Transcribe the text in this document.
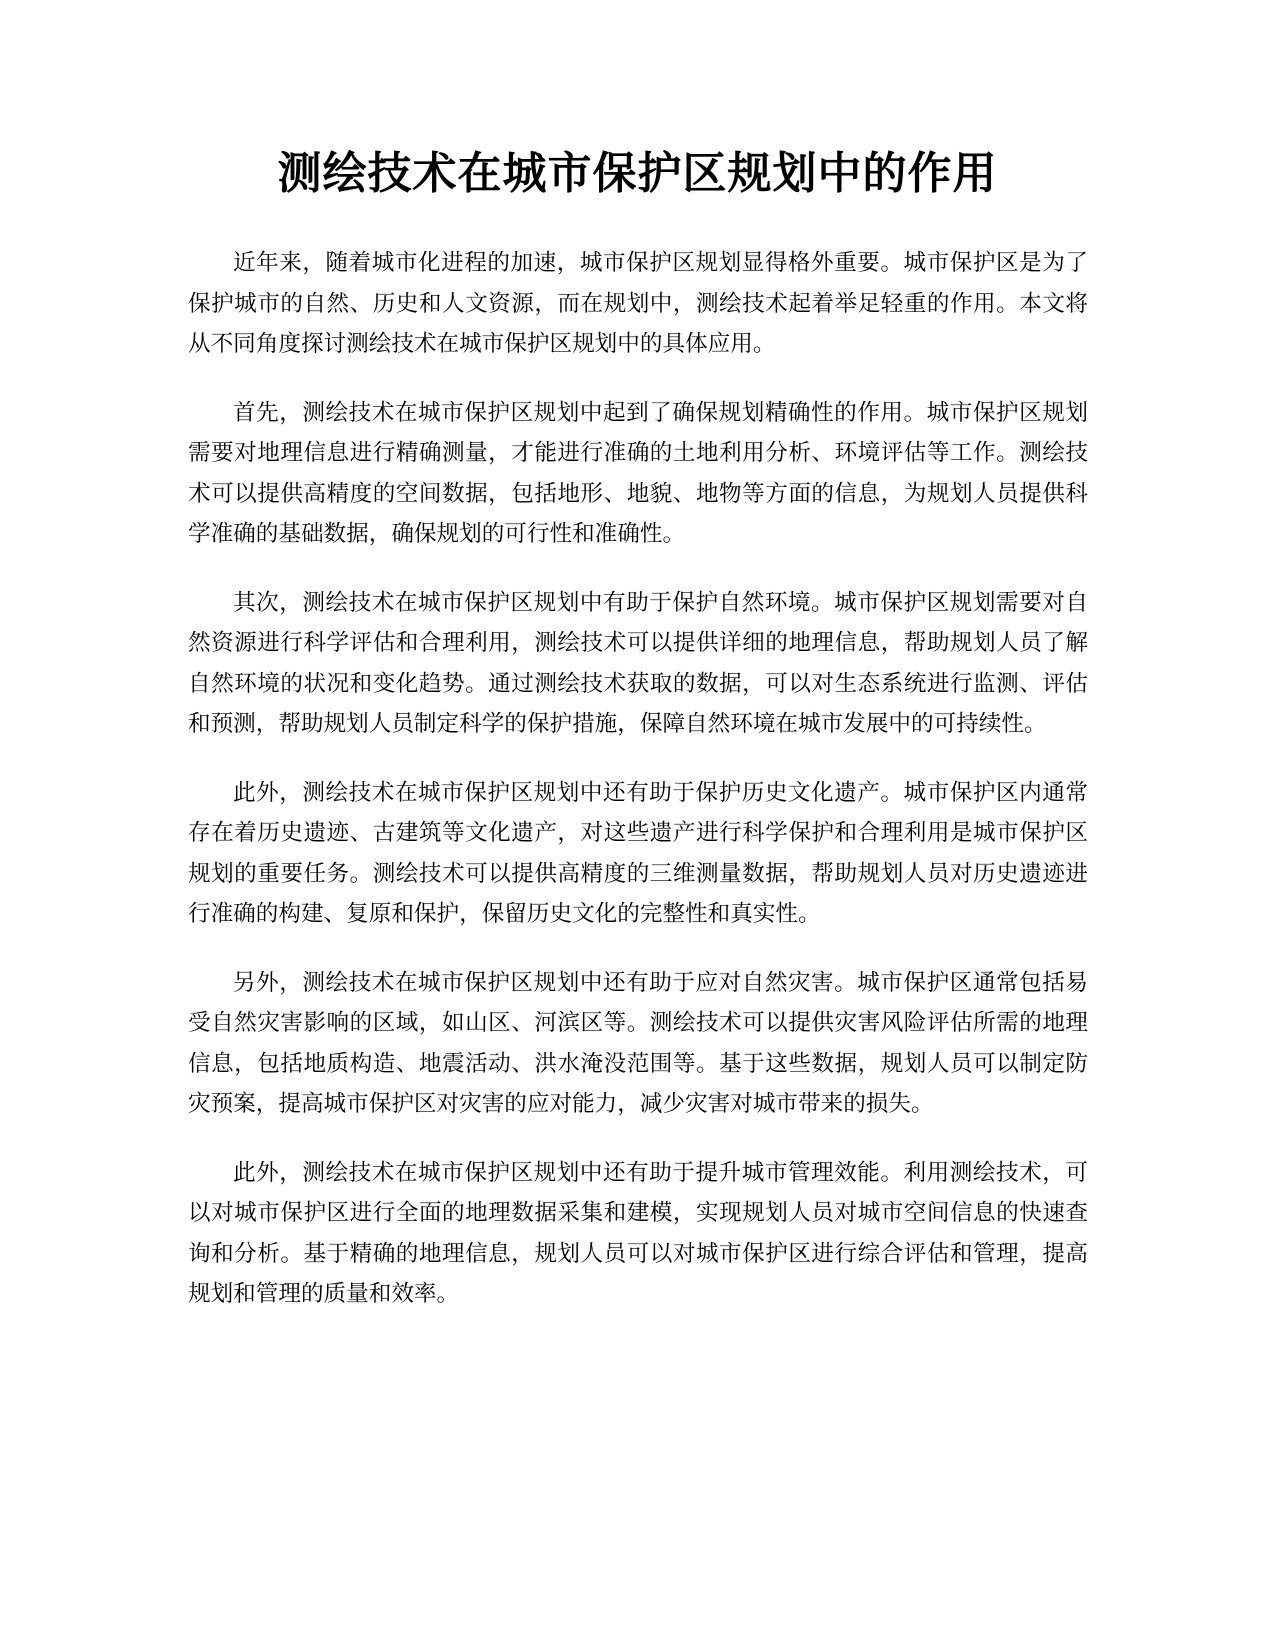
测绘技术在城市保护区规划中的作用

近年来，随着城市化进程的加速，城市保护区规划显得格外重要。城市保护区是为了保护城市的自然、历史和人文资源，而在规划中，测绘技术起着举足轻重的作用。本文将从不同角度探讨测绘技术在城市保护区规划中的具体应用。

首先，测绘技术在城市保护区规划中起到了确保规划精确性的作用。城市保护区规划需要对地理信息进行精确测量，才能进行准确的土地利用分析、环境评估等工作。测绘技术可以提供高精度的空间数据，包括地形、地貌、地物等方面的信息，为规划人员提供科学准确的基础数据，确保规划的可行性和准确性。

其次，测绘技术在城市保护区规划中有助于保护自然环境。城市保护区规划需要对自然资源进行科学评估和合理利用，测绘技术可以提供详细的地理信息，帮助规划人员了解自然环境的状况和变化趋势。通过测绘技术获取的数据，可以对生态系统进行监测、评估和预测，帮助规划人员制定科学的保护措施，保障自然环境在城市发展中的可持续性。

此外，测绘技术在城市保护区规划中还有助于保护历史文化遗产。城市保护区内通常存在着历史遗迹、古建筑等文化遗产，对这些遗产进行科学保护和合理利用是城市保护区规划的重要任务。测绘技术可以提供高精度的三维测量数据，帮助规划人员对历史遗迹进行准确的构建、复原和保护，保留历史文化的完整性和真实性。

另外，测绘技术在城市保护区规划中还有助于应对自然灾害。城市保护区通常包括易受自然灾害影响的区域，如山区、河滨区等。测绘技术可以提供灾害风险评估所需的地理信息，包括地质构造、地震活动、洪水淹没范围等。基于这些数据，规划人员可以制定防灾预案，提高城市保护区对灾害的应对能力，减少灾害对城市带来的损失。

此外，测绘技术在城市保护区规划中还有助于提升城市管理效能。利用测绘技术，可以对城市保护区进行全面的地理数据采集和建模，实现规划人员对城市空间信息的快速查询和分析。基于精确的地理信息，规划人员可以对城市保护区进行综合评估和管理，提高规划和管理的质量和效率。
